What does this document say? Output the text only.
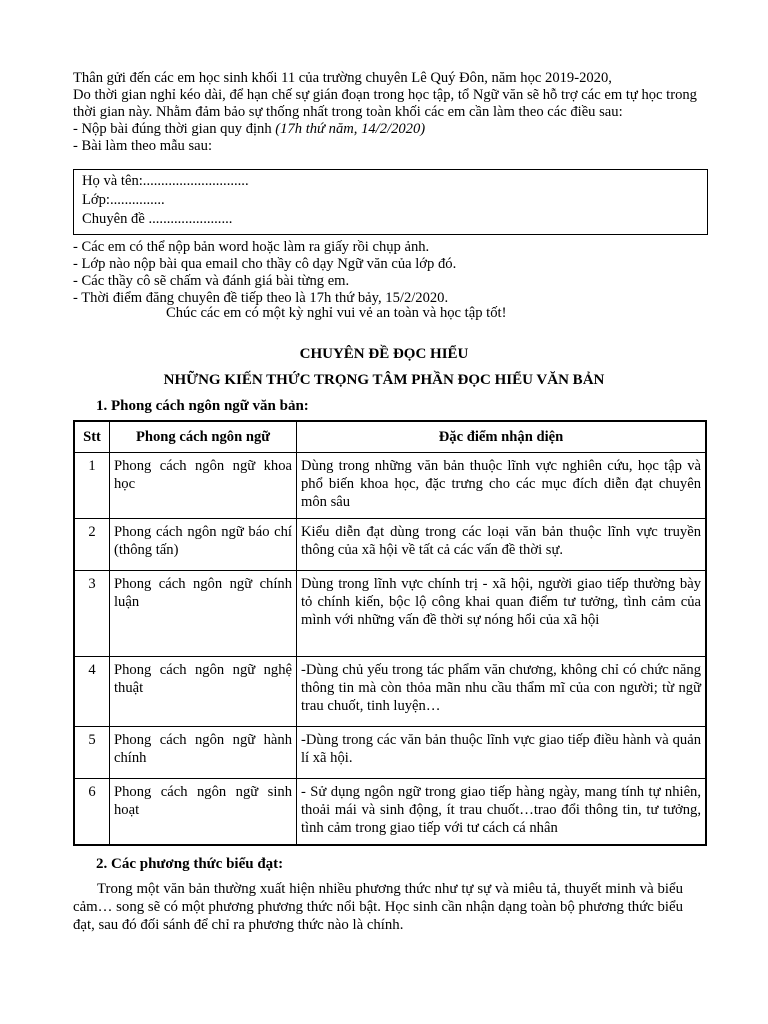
Thân gửi đến các em học sinh khối 11 của trường chuyên Lê Quý Đôn, năm học 2019-2020,

Do thời gian nghỉ kéo dài, để hạn chế sự gián đoạn trong học tập, tổ Ngữ văn sẽ hỗ trợ các em tự học trong thời gian này. Nhằm đảm bảo sự thống nhất trong toàn khối các em cần làm theo các điều sau:

- Nộp bài đúng thời gian quy định (17h thứ năm, 14/2/2020)

- Bài làm theo mẫu sau:

Họ và tên:.............................

Lớp:...............

Chuyên đề .......................

- Các em có thể nộp bản word hoặc làm ra giấy rồi chụp ảnh.

- Lớp nào nộp bài qua email cho thầy cô dạy Ngữ văn của lớp đó.

- Các thầy cô sẽ chấm và đánh giá bài từng em.

- Thời điểm đăng chuyên đề tiếp theo là 17h thứ bảy, 15/2/2020.

Chúc các em có một kỳ nghỉ vui vẻ an toàn và học tập tốt!
CHUYÊN ĐỀ ĐỌC HIỂU
NHỮNG KIẾN THỨC TRỌNG TÂM PHẦN ĐỌC HIỂU VĂN BẢN
1. Phong cách ngôn ngữ văn bản:
Stt	Phong cách ngôn ngữ	Đặc điểm nhận diện
1	Phong cách ngôn ngữ khoa học	Dùng trong những văn bản thuộc lĩnh vực nghiên cứu, học tập và phổ biến khoa học, đặc trưng cho các mục đích diễn đạt chuyên môn sâu
2	Phong cách ngôn ngữ báo chí (thông tấn)	Kiểu diễn đạt dùng trong các loại văn bản thuộc lĩnh vực truyền thông của xã hội về tất cả các vấn đề thời sự.
3	Phong cách ngôn ngữ chính luận	Dùng trong lĩnh vực chính trị - xã hội, người giao tiếp thường bày tỏ chính kiến, bộc lộ công khai quan điểm tư tưởng, tình cảm của mình với những vấn đề thời sự nóng hổi của xã hội
4	Phong cách ngôn ngữ nghệ thuật	-Dùng chủ yếu trong tác phẩm văn chương, không chỉ có chức năng thông tin mà còn thỏa mãn nhu cầu thẩm mĩ của con người; từ ngữ trau chuốt, tinh luyện…
5	Phong cách ngôn ngữ hành chính	-Dùng trong các văn bản thuộc lĩnh vực giao tiếp điều hành và quản lí xã hội.
6	Phong cách ngôn ngữ sinh hoạt	- Sử dụng ngôn ngữ trong giao tiếp hàng ngày, mang tính tự nhiên, thoải mái và sinh động, ít trau chuốt…trao đổi thông tin, tư tưởng, tình cảm trong giao tiếp với tư cách cá nhân
2. Các phương thức biểu đạt:

Trong một văn bản thường xuất hiện nhiều phương thức như tự sự và miêu tả, thuyết minh và biểu cảm… song sẽ có một phương phương thức nổi bật. Học sinh cần nhận dạng toàn bộ phương thức biểu đạt, sau đó đối sánh để chỉ ra phương thức nào là chính.
